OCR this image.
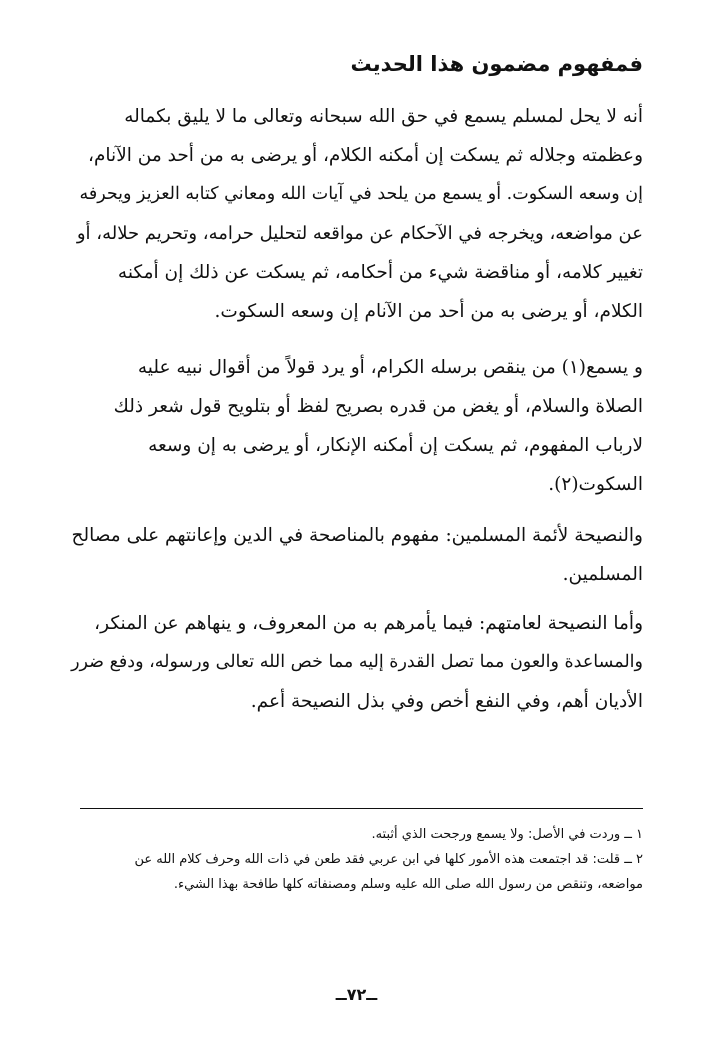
فمفهوم مضمون هذا الحديث

أنه لا يحل لمسلم يسمع في حق الله سبحانه وتعالى ما لا يليق بكماله
وعظمته وجلاله ثم يسكت إن أمكنه الكلام، أو يرضى به من أحد من الآنام،
إن وسعه السكوت. أو يسمع من يلحد في آيات الله ومعاني كتابه العزيز ويحرفه
عن مواضعه، ويخرجه في الآحكام عن مواقعه لتحليل حرامه، وتحريم حلاله، أو
تغيير كلامه، أو مناقضة شيء من أحكامه، ثم يسكت عن ذلك إن أمكنه
الكلام، أو يرضى به من أحد من الآنام إن وسعه السكوت.

و يسمع(١) من ينقص برسله الكرام، أو يرد قولاً من أقوال نبيه عليه
الصلاة والسلام، أو يغض من قدره بصريح لفظ أو بتلويح قول شعر ذلك
لارباب المفهوم، ثم يسكت إن أمكنه الإنكار، أو يرضى به إن وسعه
السكوت(٢).

والنصيحة لأئمة المسلمين: مفهوم بالمناصحة في الدين وإعانتهم على مصالح
المسلمين.

وأما النصيحة لعامتهم: فيما يأمرهم به من المعروف، و ينهاهم عن المنكر،
والمساعدة والعون مما تصل القدرة إليه مما خص الله تعالى ورسوله، ودفع ضرر
الأديان أهم، وفي النفع أخص وفي بذل النصيحة أعم.

١ ــ وردت في الأصل: ولا يسمع ورجحت الذي أثبته.
٢ ــ قلت: قد اجتمعت هذه الأمور كلها في ابن عربي فقد طعن في ذات الله وحرف كلام الله عن
مواضعه، وتنقص من رسول الله صلى الله عليه وسلم ومصنفاته كلها طافحة بهذا الشيء.
ــ٧٢ــ
